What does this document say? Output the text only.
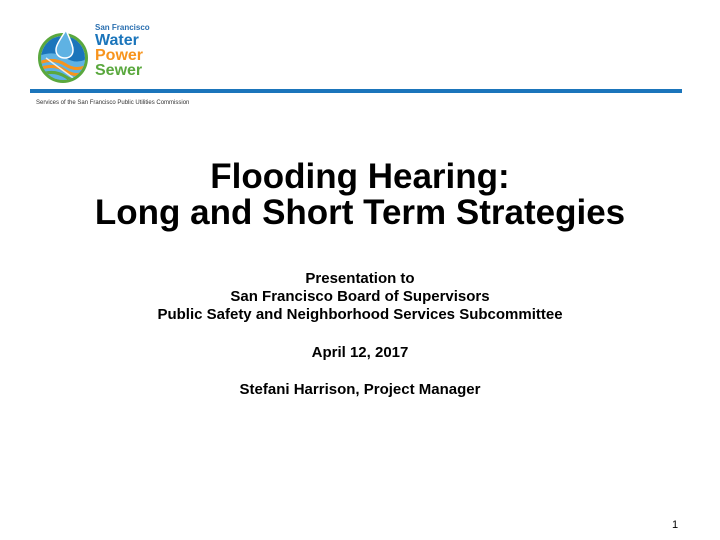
San Francisco
Water
Power
Sewer
Services of the San Francisco Public Utilities Commission
Flooding Hearing:
Long and Short Term Strategies
Presentation to
San Francisco Board of Supervisors
Public Safety and Neighborhood Services Subcommittee
April 12, 2017
Stefani Harrison, Project Manager
1
